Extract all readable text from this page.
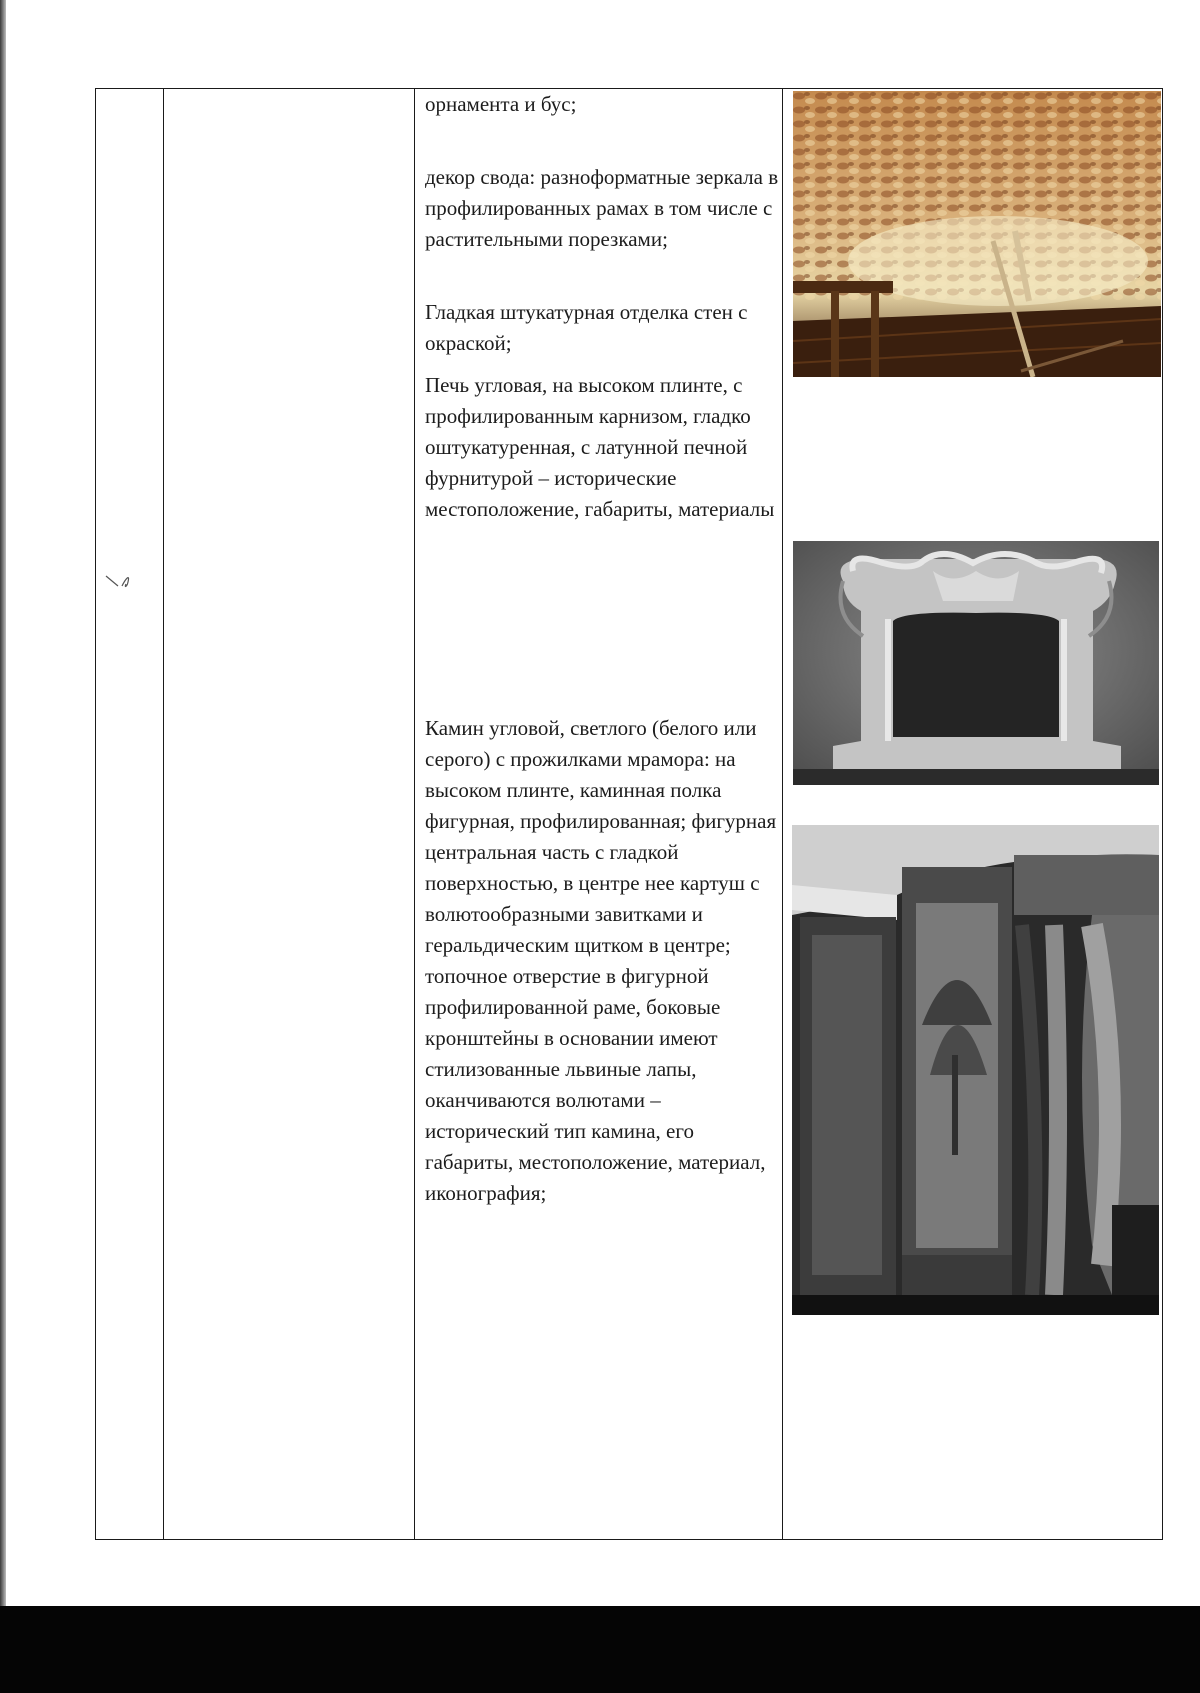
орнамента и бус;

декор свода: разноформатные зеркала в профилированных рамах в том числе с растительными порезками;

Гладкая штукатурная отделка стен с окраской;

Печь угловая, на высоком плинте, с профилированным карнизом, гладко оштукатуренная, с латунной печной фурнитурой – исторические местоположение, габариты, материалы

Камин угловой, светлого (белого или серого) с прожилками мрамора: на высоком плинте, каминная полка фигурная, профилированная; фигурная центральная часть с гладкой поверхностью, в центре нее картуш с волютообразными завитками и геральдическим щитком в центре; топочное отверстие в фигурной профилированной раме, боковые кронштейны в основании имеют стилизованные львиные лапы, оканчиваются волютами – исторический тип камина, его габариты, местоположение, материал, иконография;
